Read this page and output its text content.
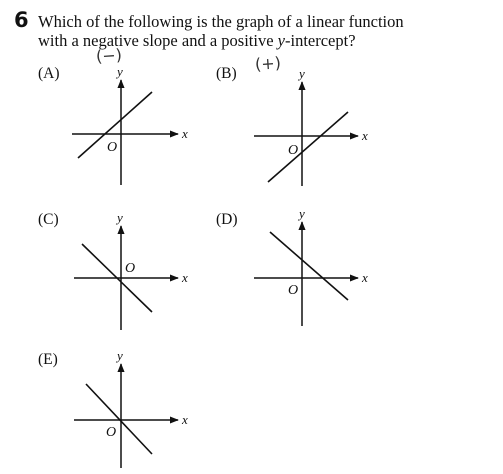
6 Which of the following is the graph of a linear function
with a negative slope and a positive y-intercept?
(−)	(+)
(A)	(B)
(C)	(D)
(E)
x
y
O
x
y
O
x
y
O
x
y
O
x
y
O
